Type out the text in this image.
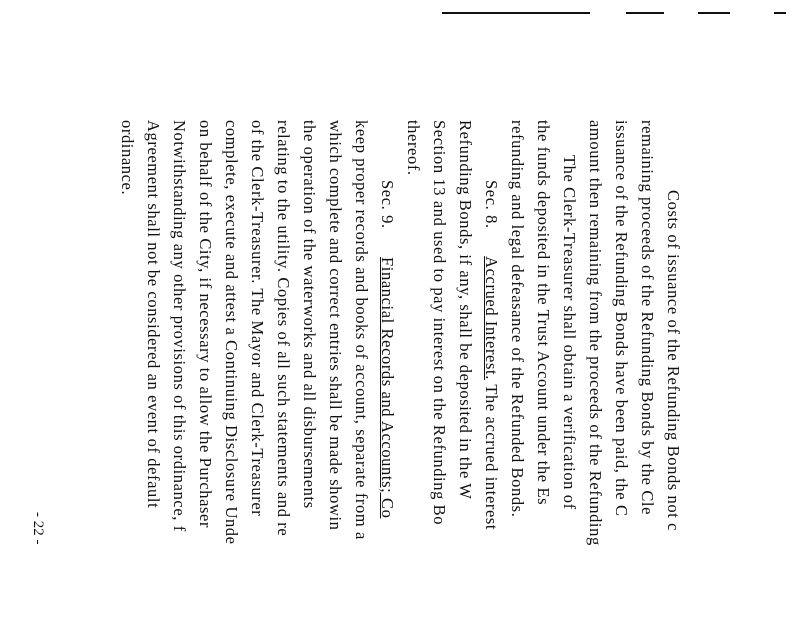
Costs of issuance of the Refunding Bonds not c
remaining proceeds of the Refunding Bonds by the Cle
issuance of the Refunding Bonds have been paid, the C
amount then remaining from the proceeds of the Refunding
The Clerk-Treasurer shall obtain a verification of
the funds deposited in the Trust Account under the Es
refunding and legal defeasance of the Refunded Bonds.
Sec. 8.      Accrued Interest. The accrued interest
Refunding Bonds, if any, shall be deposited in the W
Section 13 and used to pay interest on the Refunding Bo
thereof.
Sec. 9.      Financial Records and Accounts; Co
keep proper records and books of account, separate from a
which complete and correct entries shall be made showin
the operation of the waterworks and all disbursements
relating to the utility. Copies of all such statements and re
of the Clerk-Treasurer. The Mayor and Clerk-Treasurer
complete, execute and attest a Continuing Disclosure Unde
on behalf of the City, if necessary to allow the Purchaser
Notwithstanding any other provisions of this ordinance, f
Agreement shall not be considered an event of default
ordinance.
- 22 -
